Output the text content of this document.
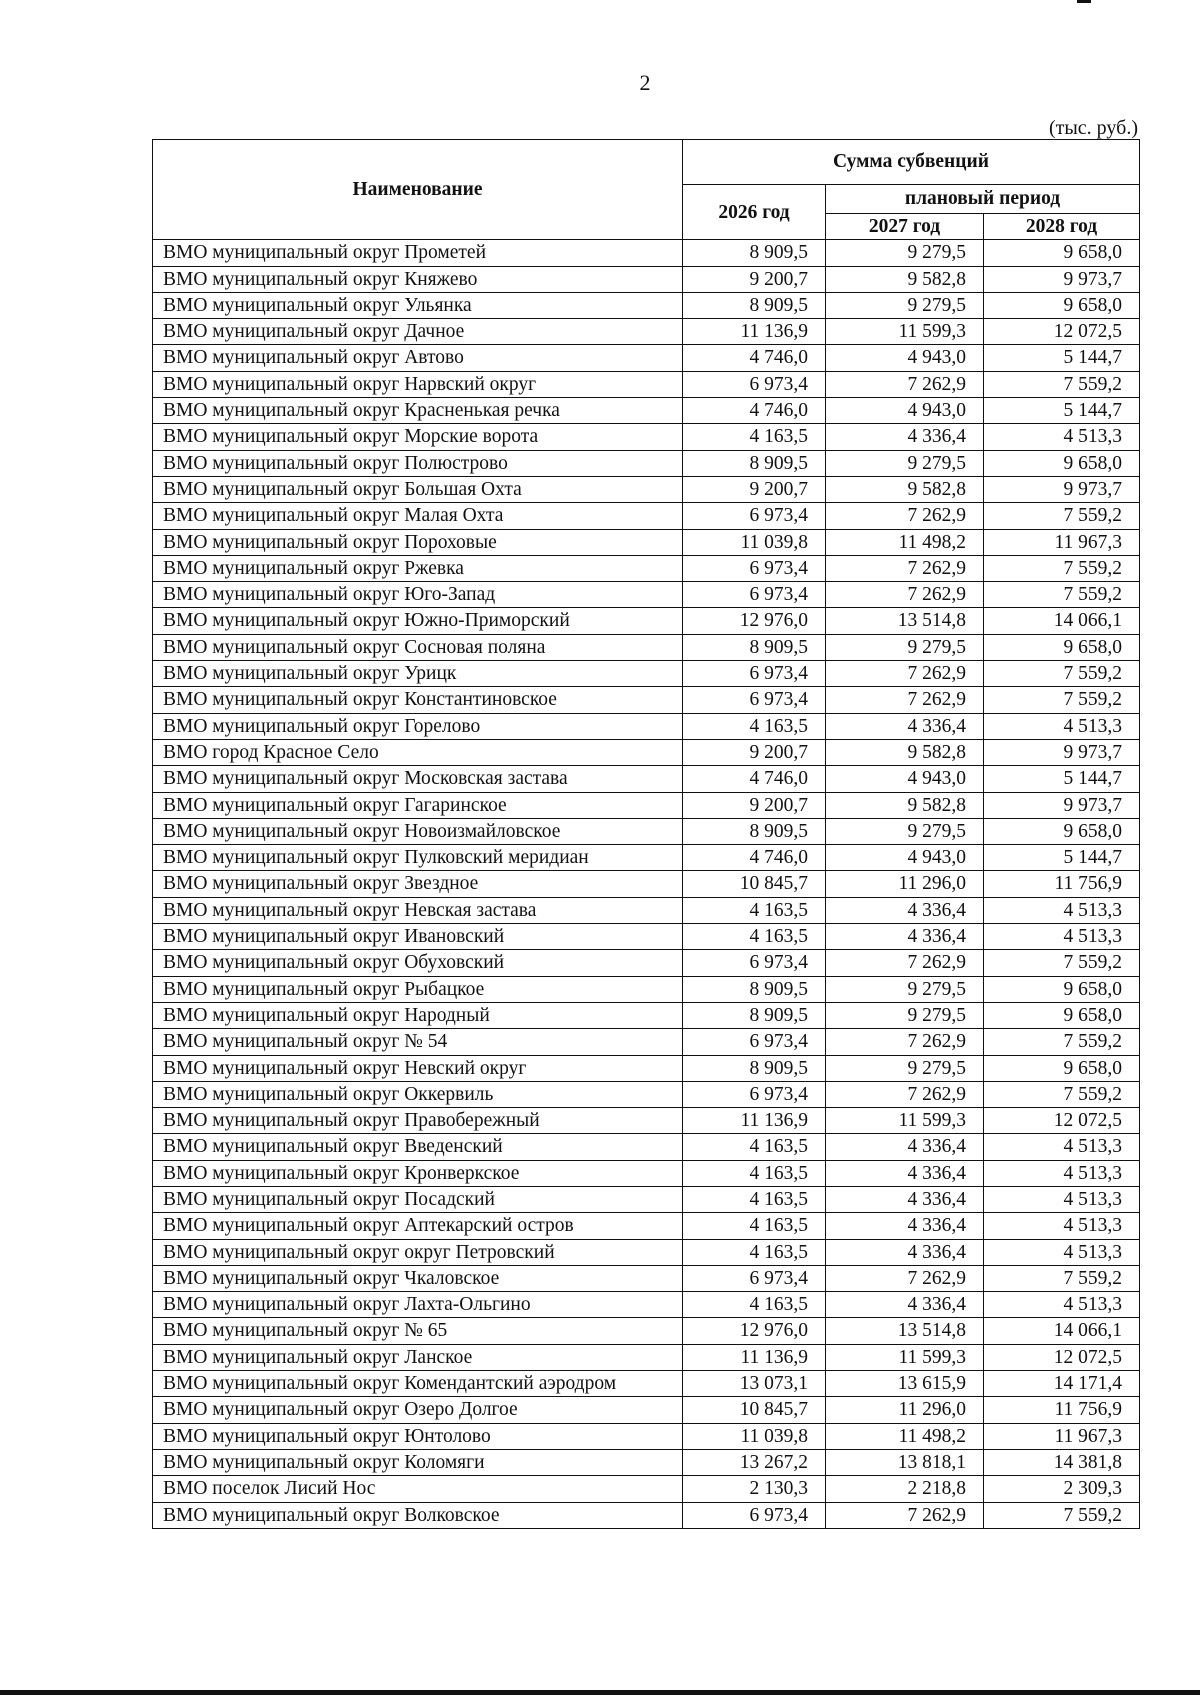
2
(тыс. руб.)
Наименование	Сумма субвенций		
	2026 год	плановый период	
		2027 год	2028 год
ВМО муниципальный округ Прометей	8 909,5	9 279,5	9 658,0
ВМО муниципальный округ Княжево	9 200,7	9 582,8	9 973,7
ВМО муниципальный округ Ульянка	8 909,5	9 279,5	9 658,0
ВМО муниципальный округ Дачное	11 136,9	11 599,3	12 072,5
ВМО муниципальный округ Автово	4 746,0	4 943,0	5 144,7
ВМО муниципальный округ Нарвский округ	6 973,4	7 262,9	7 559,2
ВМО муниципальный округ Красненькая речка	4 746,0	4 943,0	5 144,7
ВМО муниципальный округ Морские ворота	4 163,5	4 336,4	4 513,3
ВМО муниципальный округ Полюстрово	8 909,5	9 279,5	9 658,0
ВМО муниципальный округ Большая Охта	9 200,7	9 582,8	9 973,7
ВМО муниципальный округ Малая Охта	6 973,4	7 262,9	7 559,2
ВМО муниципальный округ Пороховые	11 039,8	11 498,2	11 967,3
ВМО муниципальный округ Ржевка	6 973,4	7 262,9	7 559,2
ВМО муниципальный округ Юго-Запад	6 973,4	7 262,9	7 559,2
ВМО муниципальный округ Южно-Приморский	12 976,0	13 514,8	14 066,1
ВМО муниципальный округ Сосновая поляна	8 909,5	9 279,5	9 658,0
ВМО муниципальный округ Урицк	6 973,4	7 262,9	7 559,2
ВМО муниципальный округ Константиновское	6 973,4	7 262,9	7 559,2
ВМО муниципальный округ Горелово	4 163,5	4 336,4	4 513,3
ВМО город Красное Село	9 200,7	9 582,8	9 973,7
ВМО муниципальный округ Московская застава	4 746,0	4 943,0	5 144,7
ВМО муниципальный округ Гагаринское	9 200,7	9 582,8	9 973,7
ВМО муниципальный округ Новоизмайловское	8 909,5	9 279,5	9 658,0
ВМО муниципальный округ Пулковский меридиан	4 746,0	4 943,0	5 144,7
ВМО муниципальный округ Звездное	10 845,7	11 296,0	11 756,9
ВМО муниципальный округ Невская застава	4 163,5	4 336,4	4 513,3
ВМО муниципальный округ Ивановский	4 163,5	4 336,4	4 513,3
ВМО муниципальный округ Обуховский	6 973,4	7 262,9	7 559,2
ВМО муниципальный округ Рыбацкое	8 909,5	9 279,5	9 658,0
ВМО муниципальный округ Народный	8 909,5	9 279,5	9 658,0
ВМО муниципальный округ № 54	6 973,4	7 262,9	7 559,2
ВМО муниципальный округ Невский округ	8 909,5	9 279,5	9 658,0
ВМО муниципальный округ Оккервиль	6 973,4	7 262,9	7 559,2
ВМО муниципальный округ Правобережный	11 136,9	11 599,3	12 072,5
ВМО муниципальный округ Введенский	4 163,5	4 336,4	4 513,3
ВМО муниципальный округ Кронверкское	4 163,5	4 336,4	4 513,3
ВМО муниципальный округ Посадский	4 163,5	4 336,4	4 513,3
ВМО муниципальный округ Аптекарский остров	4 163,5	4 336,4	4 513,3
ВМО муниципальный округ округ Петровский	4 163,5	4 336,4	4 513,3
ВМО муниципальный округ Чкаловское	6 973,4	7 262,9	7 559,2
ВМО муниципальный округ Лахта-Ольгино	4 163,5	4 336,4	4 513,3
ВМО муниципальный округ № 65	12 976,0	13 514,8	14 066,1
ВМО муниципальный округ Ланское	11 136,9	11 599,3	12 072,5
ВМО муниципальный округ Комендантский аэродром	13 073,1	13 615,9	14 171,4
ВМО муниципальный округ Озеро Долгое	10 845,7	11 296,0	11 756,9
ВМО муниципальный округ Юнтолово	11 039,8	11 498,2	11 967,3
ВМО муниципальный округ Коломяги	13 267,2	13 818,1	14 381,8
ВМО поселок Лисий Нос	2 130,3	2 218,8	2 309,3
ВМО муниципальный округ Волковское	6 973,4	7 262,9	7 559,2
